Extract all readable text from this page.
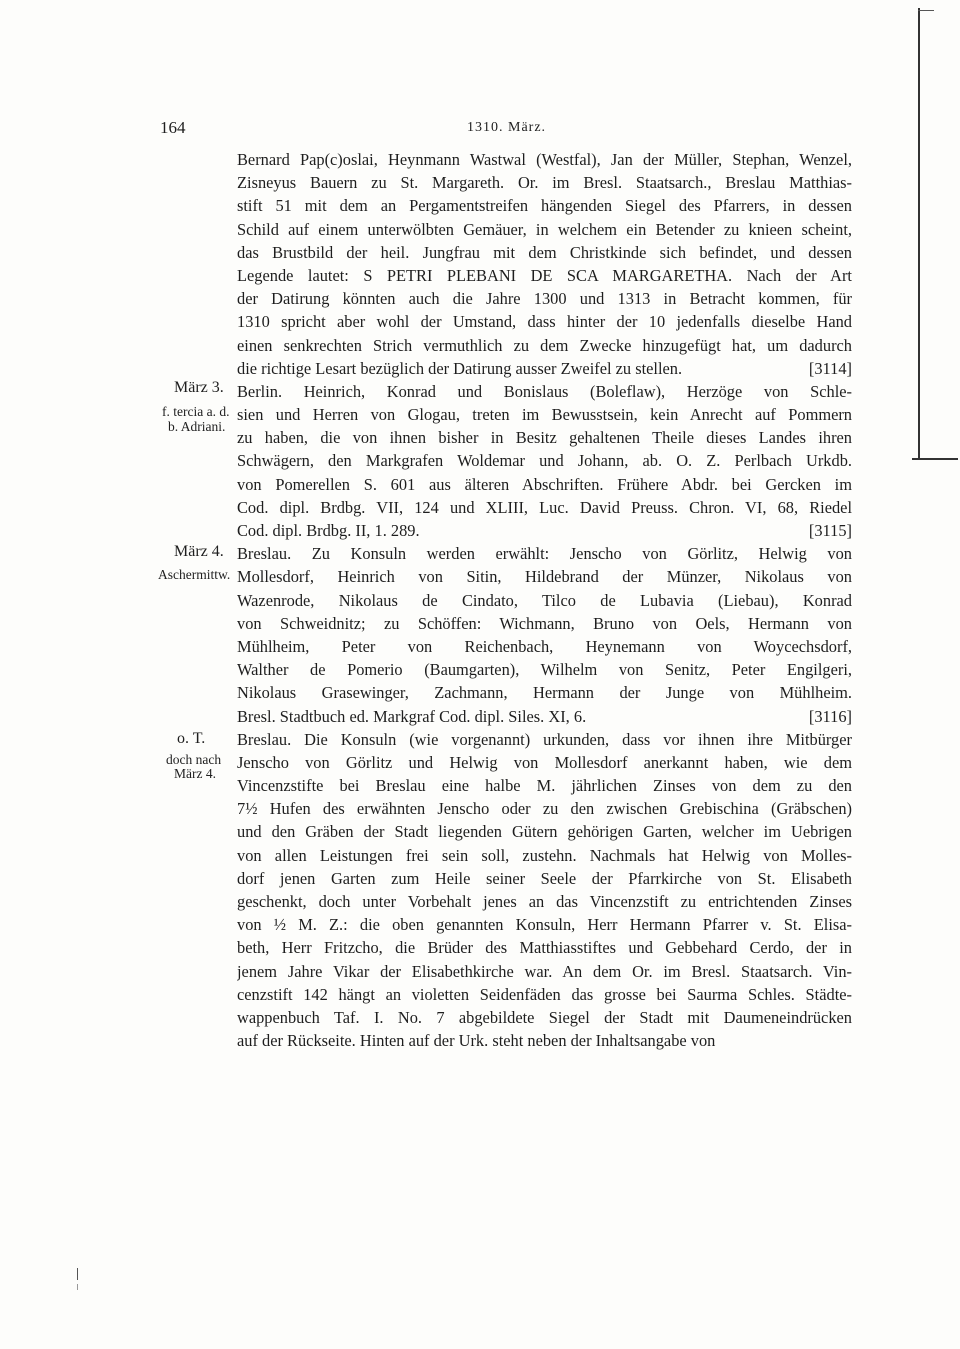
164	1310. März.
Bernard Pap(c)oslai, Heynmann Wastwal (Westfal), Jan der Müller, Stephan, Wenzel,
Zisneyus Bauern zu St. Margareth. Or. im Bresl. Staatsarch., Breslau Matthias-
stift 51 mit dem an Pergamentstreifen hängenden Siegel des Pfarrers, in dessen
Schild auf einem unterwölbten Gemäuer, in welchem ein Betender zu knieen scheint,
das Brustbild der heil. Jungfrau mit dem Christkinde sich befindet, und dessen
Legende lautet: S PETRI PLEBANI DE SCA MARGARETHA. Nach der Art
der Datirung könnten auch die Jahre 1300 und 1313 in Betracht kommen, für
1310 spricht aber wohl der Umstand, dass hinter der 10 jedenfalls dieselbe Hand
einen senkrechten Strich vermuthlich zu dem Zwecke hinzugefügt hat, um dadurch
die richtige Lesart bezüglich der Datirung ausser Zweifel zu stellen.	[3114]
Berlin. Heinrich, Konrad und Bonislaus (Boleflaw), Herzöge von Schle-
sien und Herren von Glogau, treten im Bewusstsein, kein Anrecht auf Pommern
zu haben, die von ihnen bisher in Besitz gehaltenen Theile dieses Landes ihren
Schwägern, den Markgrafen Woldemar und Johann, ab. O. Z. Perlbach Urkdb.
von Pomerellen S. 601 aus älteren Abschriften. Frühere Abdr. bei Gercken im
Cod. dipl. Brdbg. VII, 124 und XLIII, Luc. David Preuss. Chron. VI, 68, Riedel
Cod. dipl. Brdbg. II, 1. 289.	[3115]
Breslau. Zu Konsuln werden erwählt: Jenscho von Görlitz, Helwig von
Mollesdorf, Heinrich von Sitin, Hildebrand der Münzer, Nikolaus von
Wazenrode, Nikolaus de Cindato, Tilco de Lubavia (Liebau), Konrad
von Schweidnitz; zu Schöffen: Wichmann, Bruno von Oels, Hermann von
Mühlheim, Peter von Reichenbach, Heynemann von Woycechsdorf,
Walther de Pomerio (Baumgarten), Wilhelm von Senitz, Peter Engilgeri,
Nikolaus Grasewinger, Zachmann, Hermann der Junge von Mühlheim.
Bresl. Stadtbuch ed. Markgraf Cod. dipl. Siles. XI, 6.	[3116]
Breslau. Die Konsuln (wie vorgenannt) urkunden, dass vor ihnen ihre Mitbürger
Jenscho von Görlitz und Helwig von Mollesdorf anerkannt haben, wie dem
Vincenzstifte bei Breslau eine halbe M. jährlichen Zinses von dem zu den
7½ Hufen des erwähnten Jenscho oder zu den zwischen Grebischina (Gräbschen)
und den Gräben der Stadt liegenden Gütern gehörigen Garten, welcher im Uebrigen
von allen Leistungen frei sein soll, zustehn. Nachmals hat Helwig von Molles-
dorf jenen Garten zum Heile seiner Seele der Pfarrkirche von St. Elisabeth
geschenkt, doch unter Vorbehalt jenes an das Vincenzstift zu entrichtenden Zinses
von ½ M. Z.: die oben genannten Konsuln, Herr Hermann Pfarrer v. St. Elisa-
beth, Herr Fritzcho, die Brüder des Matthiasstiftes und Gebbehard Cerdo, der in
jenem Jahre Vikar der Elisabethkirche war. An dem Or. im Bresl. Staatsarch. Vin-
cenzstift 142 hängt an violetten Seidenfäden das grosse bei Saurma Schles. Städte-
wappenbuch Taf. I. No. 7 abgebildete Siegel der Stadt mit Daumeneindrücken
auf der Rückseite. Hinten auf der Urk. steht neben der Inhaltsangabe von
März 3.
f. tercia a. d.
b. Adriani.
März 4.
Aschermittw.
o. T.
doch nach
März 4.
